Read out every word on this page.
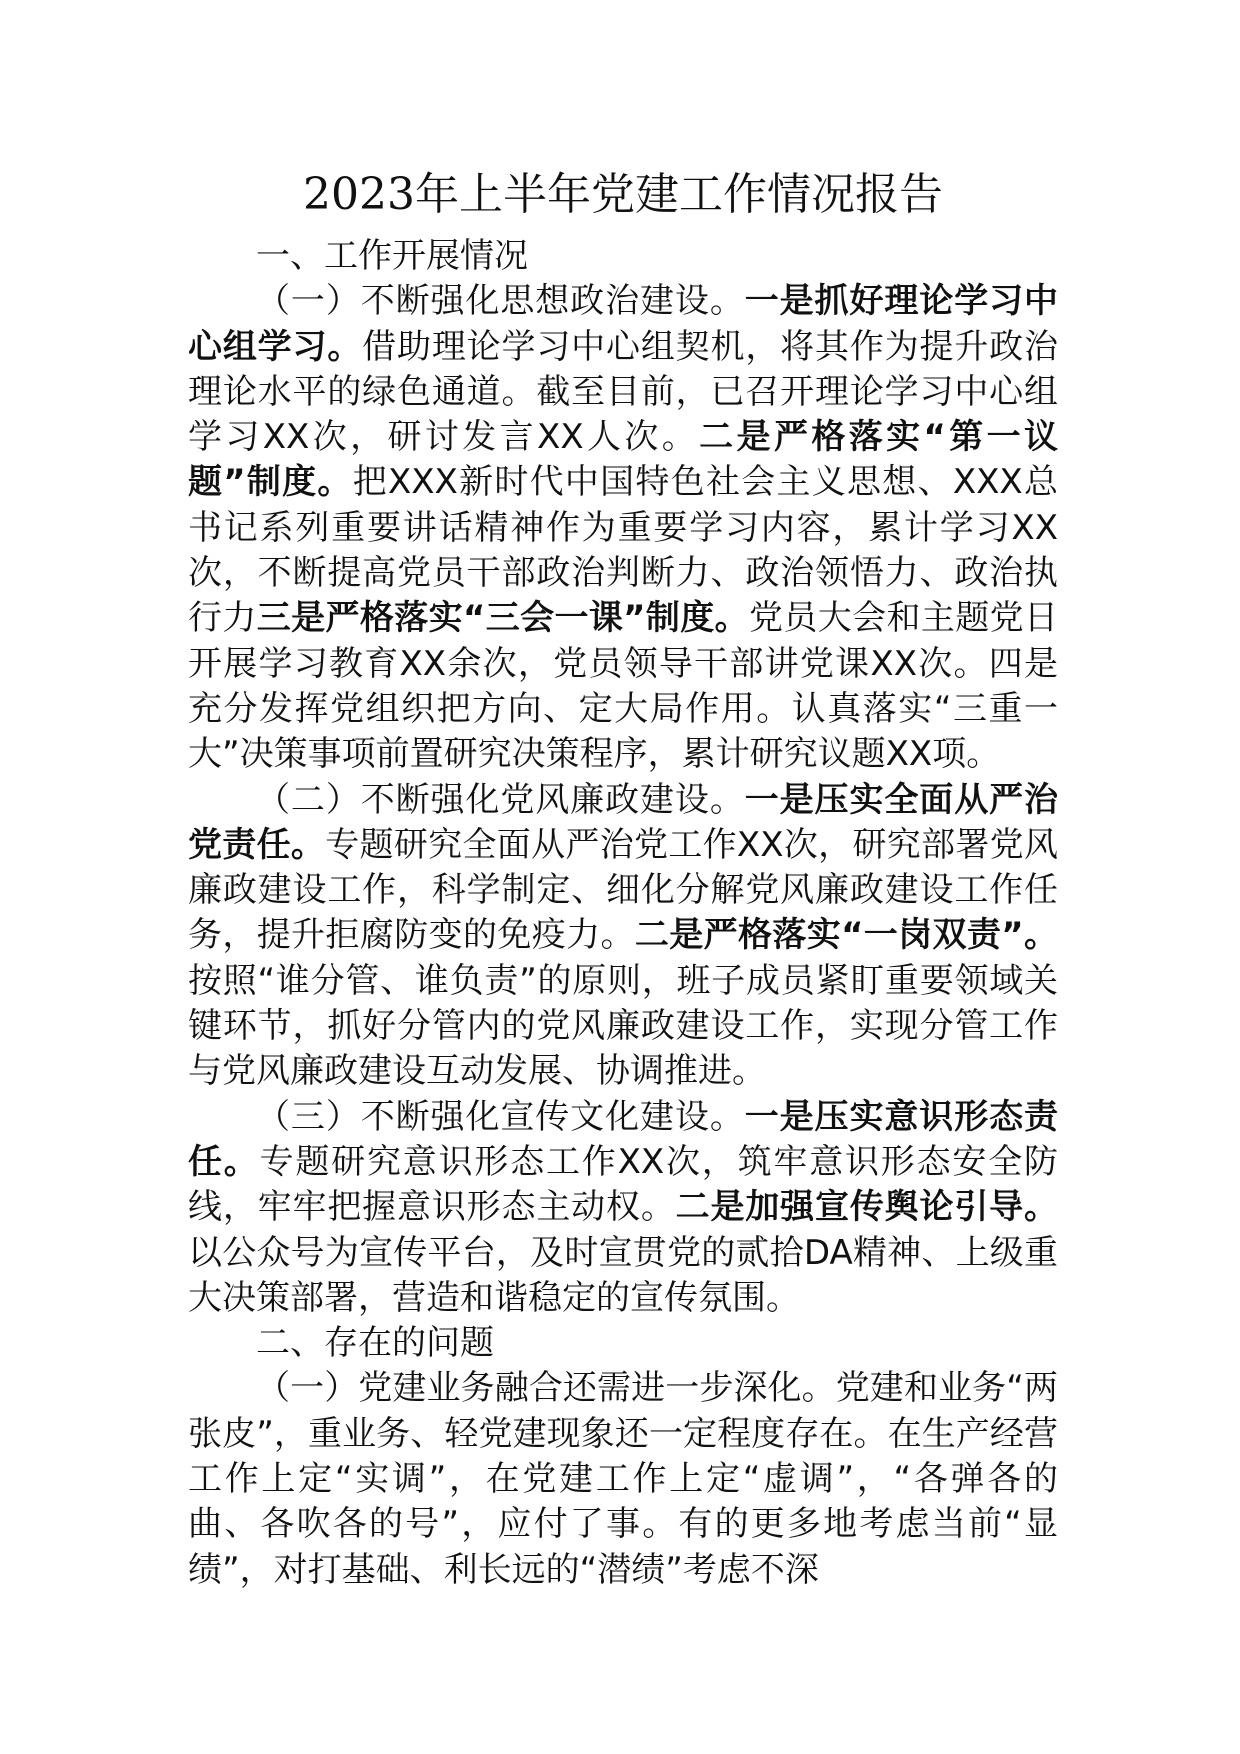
2023年上半年党建工作情况报告

一、工作开展情况

（一）不断强化思想政治建设。一是抓好理论学习中心组学习。借助理论学习中心组契机，将其作为提升政治理论水平的绿色通道。截至目前，已召开理论学习中心组学习XX次，研讨发言XX人次。二是严格落实“第一议题”制度。把XXX新时代中国特色社会主义思想、XXX总书记系列重要讲话精神作为重要学习内容，累计学习XX次，不断提高党员干部政治判断力、政治领悟力、政治执行力三是严格落实“三会一课”制度。党员大会和主题党日开展学习教育XX余次，党员领导干部讲党课XX次。四是充分发挥党组织把方向、定大局作用。认真落实“三重一大”决策事项前置研究决策程序，累计研究议题XX项。

（二）不断强化党风廉政建设。一是压实全面从严治党责任。专题研究全面从严治党工作XX次，研究部署党风廉政建设工作，科学制定、细化分解党风廉政建设工作任务，提升拒腐防变的免疫力。二是严格落实“一岗双责”。按照“谁分管、谁负责”的原则，班子成员紧盯重要领域关键环节，抓好分管内的党风廉政建设工作，实现分管工作与党风廉政建设互动发展、协调推进。

（三）不断强化宣传文化建设。一是压实意识形态责任。专题研究意识形态工作XX次，筑牢意识形态安全防线，牢牢把握意识形态主动权。二是加强宣传舆论引导。以公众号为宣传平台，及时宣贯党的贰拾DA精神、上级重大决策部署，营造和谐稳定的宣传氛围。

二、存在的问题

（一）党建业务融合还需进一步深化。党建和业务“两张皮”，重业务、轻党建现象还一定程度存在。在生产经营工作上定“实调”，在党建工作上定“虚调”，“各弹各的曲、各吹各的号”，应付了事。有的更多地考虑当前“显绩”，对打基础、利长远的“潜绩”考虑不深
